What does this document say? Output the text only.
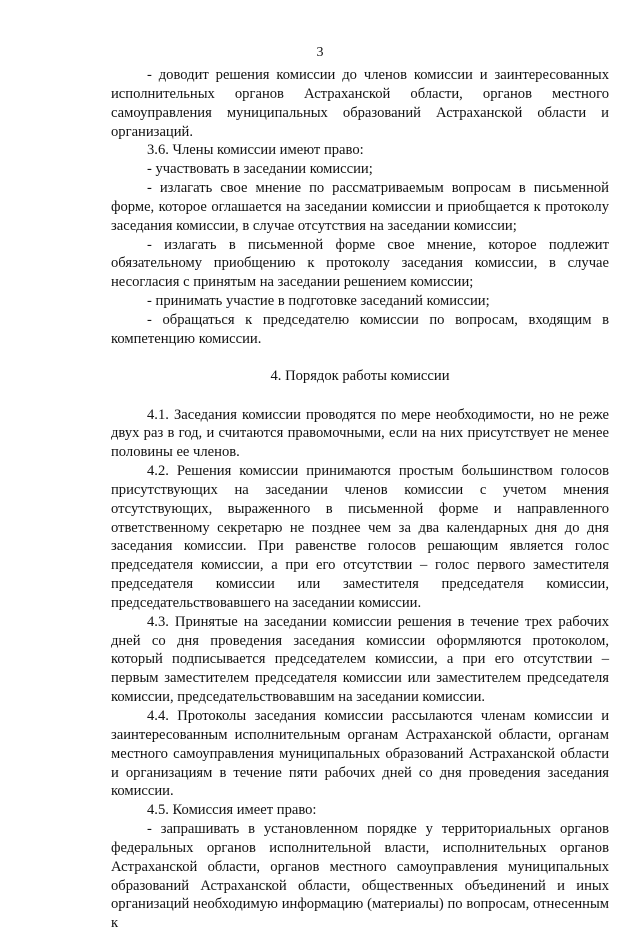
3

- доводит решения комиссии до членов комиссии и заинтересованных исполнительных органов Астраханской области, органов местного самоуправления муниципальных образований Астраханской области и организаций.

3.6. Члены комиссии имеют право:

- участвовать в заседании комиссии;

- излагать свое мнение по рассматриваемым вопросам в письменной форме, которое оглашается на заседании комиссии и приобщается к протоколу заседания комиссии, в случае отсутствия на заседании комиссии;

- излагать в письменной форме свое мнение, которое подлежит обязательному приобщению к протоколу заседания комиссии, в случае несогласия с принятым на заседании решением комиссии;

- принимать участие в подготовке заседаний комиссии;

- обращаться к председателю комиссии по вопросам, входящим в компетенцию комиссии.

4. Порядок работы комиссии

4.1. Заседания комиссии проводятся по мере необходимости, но не реже двух раз в год, и считаются правомочными, если на них присутствует не менее половины ее членов.

4.2. Решения комиссии принимаются простым большинством голосов присутствующих на заседании членов комиссии с учетом мнения отсутствующих, выраженного в письменной форме и направленного ответственному секретарю не позднее чем за два календарных дня до дня заседания комиссии. При равенстве голосов решающим является голос председателя комиссии, а при его отсутствии – голос первого заместителя председателя комиссии или заместителя председателя комиссии, председательствовавшего на заседании комиссии.

4.3. Принятые на заседании комиссии решения в течение трех рабочих дней со дня проведения заседания комиссии оформляются протоколом, который подписывается председателем комиссии, а при его отсутствии – первым заместителем председателя комиссии или заместителем председателя комиссии, председательствовавшим на заседании комиссии.

4.4. Протоколы заседания комиссии рассылаются членам комиссии и заинтересованным исполнительным органам Астраханской области, органам местного самоуправления муниципальных образований Астраханской области и организациям в течение пяти рабочих дней со дня проведения заседания комиссии.

4.5. Комиссия имеет право:

- запрашивать в установленном порядке у территориальных органов федеральных органов исполнительной власти, исполнительных органов Астраханской области, органов местного самоуправления муниципальных образований Астраханской области, общественных объединений и иных организаций необходимую информацию (материалы) по вопросам, отнесенным к
